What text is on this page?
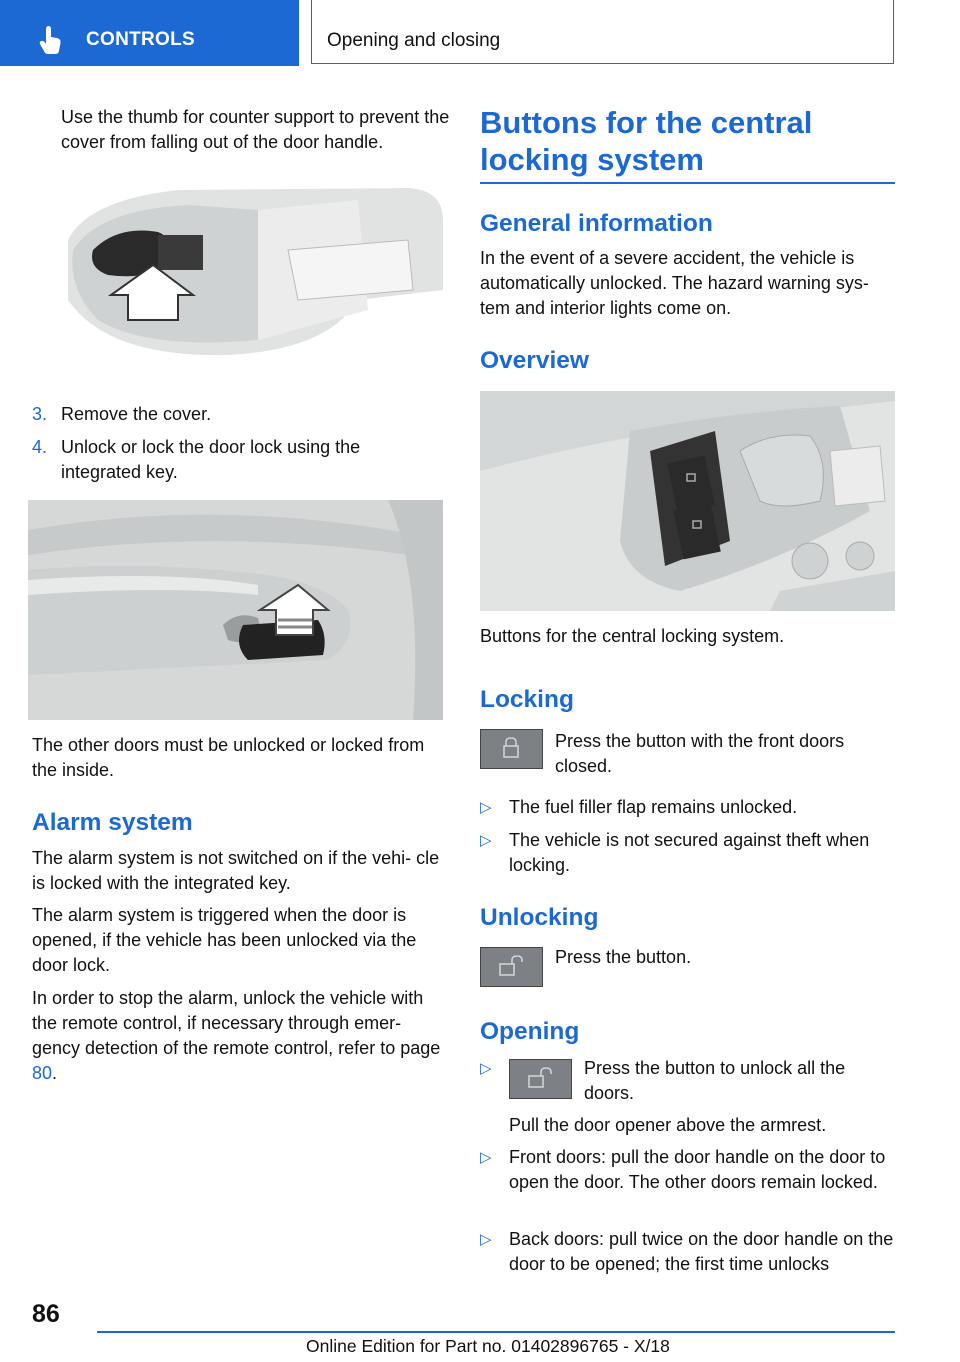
CONTROLS	Opening and closing
Use the thumb for counter support to prevent the cover from falling out of the door handle.
3. Remove the cover.
4. Unlock or lock the door lock using the integrated key.
The other doors must be unlocked or locked from the inside.
Alarm system
The alarm system is not switched on if the vehi‐ cle is locked with the integrated key.
The alarm system is triggered when the door is opened, if the vehicle has been unlocked via the door lock.
In order to stop the alarm, unlock the vehicle with the remote control, if necessary through emer‐ gency detection of the remote control, refer to page 80.
Buttons for the central locking system
General information
In the event of a severe accident, the vehicle is automatically unlocked. The hazard warning sys‐ tem and interior lights come on.
Overview
Buttons for the central locking system.
Locking
Press the button with the front doors closed.
▷ The fuel filler flap remains unlocked.
▷ The vehicle is not secured against theft when locking.
Unlocking
Press the button.
Opening
▷	Press the button to unlock all the doors.
Pull the door opener above the armrest.
▷ Front doors: pull the door handle on the door to open the door. The other doors remain locked.
▷ Back doors: pull twice on the door handle on the door to be opened; the first time unlocks
86
Online Edition for Part no. 01402896765 - X/18
